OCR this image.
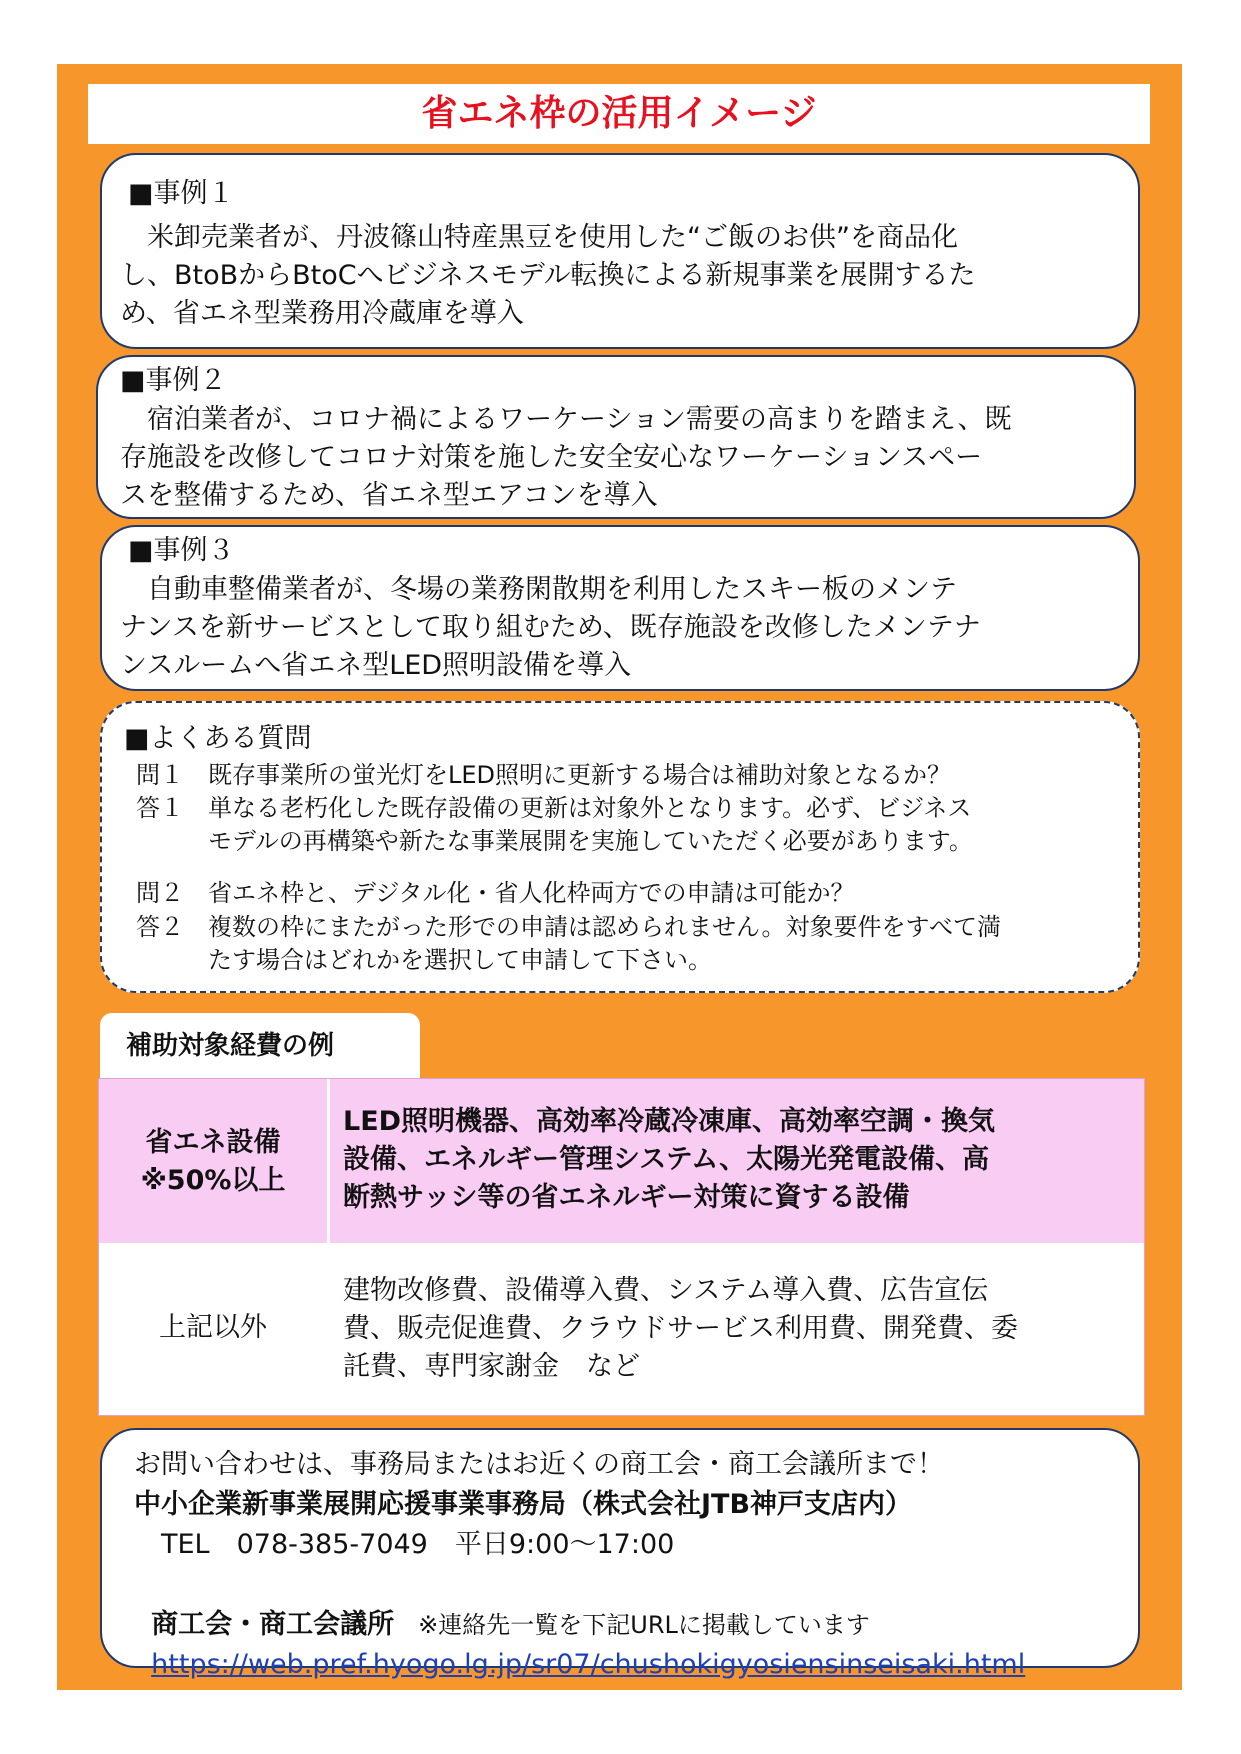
省エネ枠の活用イメージ
■事例１
　米卸売業者が、丹波篠山特産黒豆を使用した“ご飯のお供”を商品化
し、BtoBからBtoCへビジネスモデル転換による新規事業を展開するた
め、省エネ型業務用冷蔵庫を導入
■事例２
　宿泊業者が、コロナ禍によるワーケーション需要の高まりを踏まえ、既
存施設を改修してコロナ対策を施した安全安心なワーケーションスペー
スを整備するため、省エネ型エアコンを導入
■事例３
　自動車整備業者が、冬場の業務閑散期を利用したスキー板のメンテ
ナンスを新サービスとして取り組むため、既存施設を改修したメンテナ
ンスルームへ省エネ型LED照明設備を導入
■よくある質問
問１　既存事業所の蛍光灯をLED照明に更新する場合は補助対象となるか？
答１　単なる老朽化した既存設備の更新は対象外となります。必ず、ビジネス
　　　モデルの再構築や新たな事業展開を実施していただく必要があります。
問２　省エネ枠と、デジタル化・省人化枠両方での申請は可能か？
答２　複数の枠にまたがった形での申請は認められません。対象要件をすべて満
　　　たす場合はどれかを選択して申請して下さい。
補助対象経費の例
省エネ設備
※50%以上
LED照明機器、高効率冷蔵冷凍庫、高効率空調・換気
設備、エネルギー管理システム、太陽光発電設備、高
断熱サッシ等の省エネルギー対策に資する設備
上記以外
建物改修費、設備導入費、システム導入費、広告宣伝
費、販売促進費、クラウドサービス利用費、開発費、委
託費、専門家謝金　など
お問い合わせは、事務局またはお近くの商工会・商工会議所まで！
中小企業新事業展開応援事業事務局（株式会社JTB神戸支店内）
　TEL　078-385-7049　平日9:00～17:00

商工会・商工会議所　※連絡先一覧を下記URLに掲載しています

https://web.pref.hyogo.lg.jp/sr07/chushokigyosiensinseisaki.html
